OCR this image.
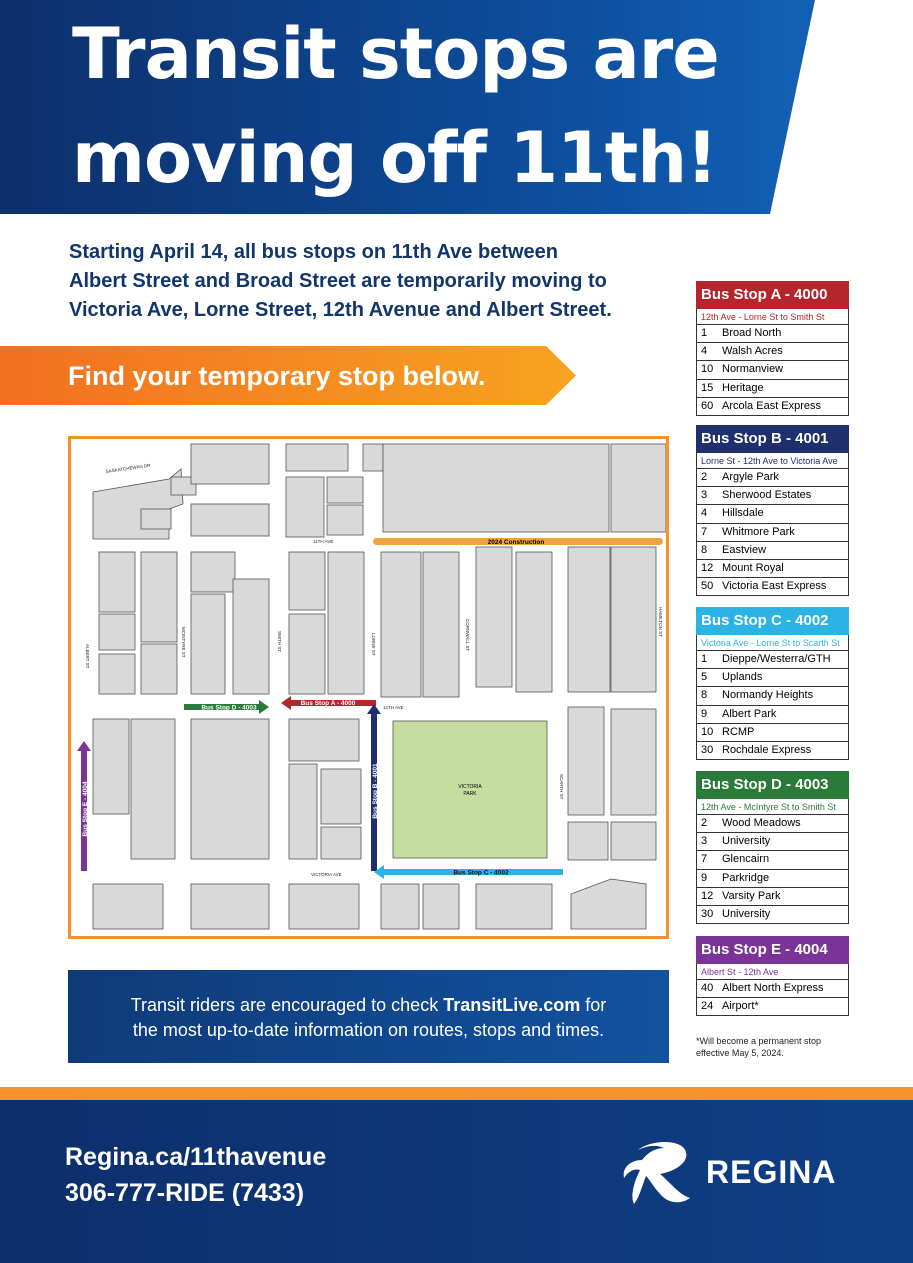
Transit stops are
moving off 11th!
Starting April 14, all bus stops on 11th Ave between
Albert Street and Broad Street are temporarily moving to
Victoria Ave, Lorne Street, 12th Avenue and Albert Street.
Find your temporary stop below.
VICTORIA
PARK
2024 Construction
SASKATCHEWAN DR
11TH AVE
12TH AVE
VICTORIA AVE
ALBERT ST	MCINTYRE ST	SMITH ST	LORNE ST	CORNWALL ST	HAMILTON ST
SCARTH ST
Bus Stop A - 4000
Bus Stop D - 4003
Bus Stop B - 4001
Bus Stop C - 4002
Bus Stop E - 4004
Transit riders are encouraged to check TransitLive.com for
the most up-to-date information on routes, stops and times.
Bus Stop A - 4000
12th Ave - Lorne St to Smith St
1	Broad North
4	Walsh Acres
10 Normanview
15 Heritage
60 Arcola East Express
Bus Stop B - 4001
Lorne St - 12th Ave to Victoria Ave
2	Argyle Park
3	Sherwood Estates
4	Hillsdale
7	Whitmore Park
8	Eastview
12 Mount Royal
50 Victoria East Express
Bus Stop C - 4002
Victoria Ave - Lorne St to Scarth St
1	Dieppe/Westerra/GTH
5	Uplands
8	Normandy Heights
9	Albert Park
10 RCMP
30 Rochdale Express
Bus Stop D - 4003
12th Ave - McIntyre St to Smith St
2	Wood Meadows
3	University
7	Glencairn
9	Parkridge
12 Varsity Park
30 University
Bus Stop E - 4004
Albert St - 12th Ave
40 Albert North Express
24 Airport*
*Will become a permanent stop
effective May 5, 2024.
Regina.ca/11thavenue
306-777-RIDE (7433)
REGINA
